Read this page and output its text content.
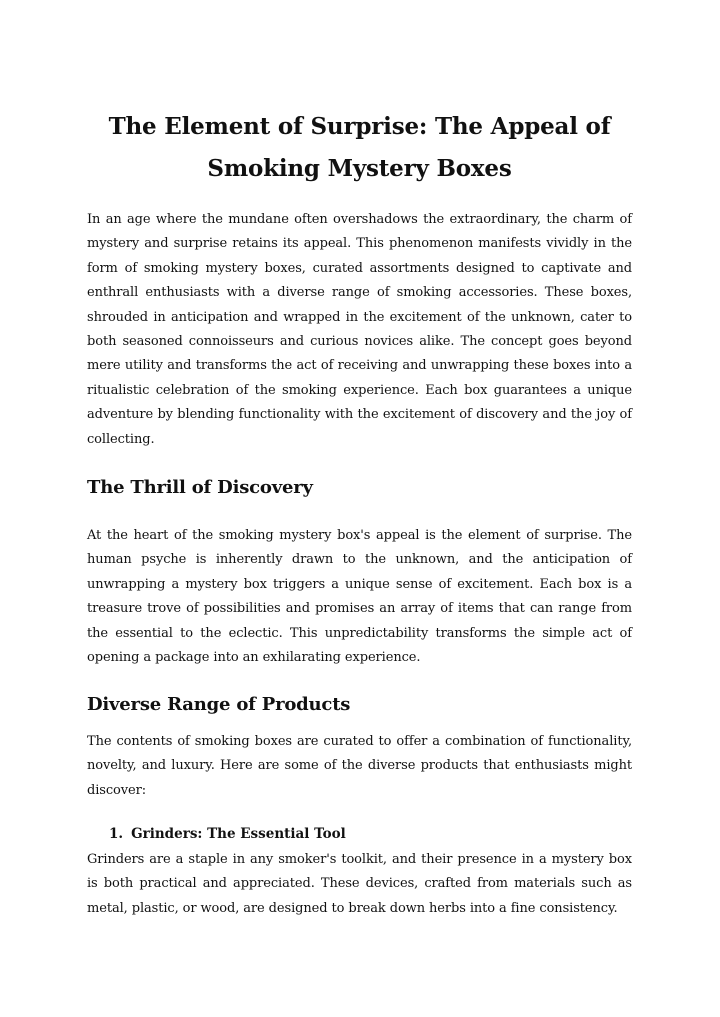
The Element of Surprise: The Appeal of Smoking Mystery Boxes

In an age where the mundane often overshadows the extraordinary, the charm of mystery and surprise retains its appeal. This phenomenon manifests vividly in the form of smoking mystery boxes, curated assortments designed to captivate and enthrall enthusiasts with a diverse range of smoking accessories. These boxes, shrouded in anticipation and wrapped in the excitement of the unknown, cater to both seasoned connoisseurs and curious novices alike. The concept goes beyond mere utility and transforms the act of receiving and unwrapping these boxes into a ritualistic celebration of the smoking experience. Each box guarantees a unique adventure by blending functionality with the excitement of discovery and the joy of collecting.

The Thrill of Discovery

At the heart of the smoking mystery box's appeal is the element of surprise. The human psyche is inherently drawn to the unknown, and the anticipation of unwrapping a mystery box triggers a unique sense of excitement. Each box is a treasure trove of possibilities and promises an array of items that can range from the essential to the eclectic. This unpredictability transforms the simple act of opening a package into an exhilarating experience.

Diverse Range of Products

The contents of smoking boxes are curated to offer a combination of functionality, novelty, and luxury. Here are some of the diverse products that enthusiasts might discover:

1. Grinders: The Essential Tool

Grinders are a staple in any smoker's toolkit, and their presence in a mystery box is both practical and appreciated. These devices, crafted from materials such as metal, plastic, or wood, are designed to break down herbs into a fine consistency.
